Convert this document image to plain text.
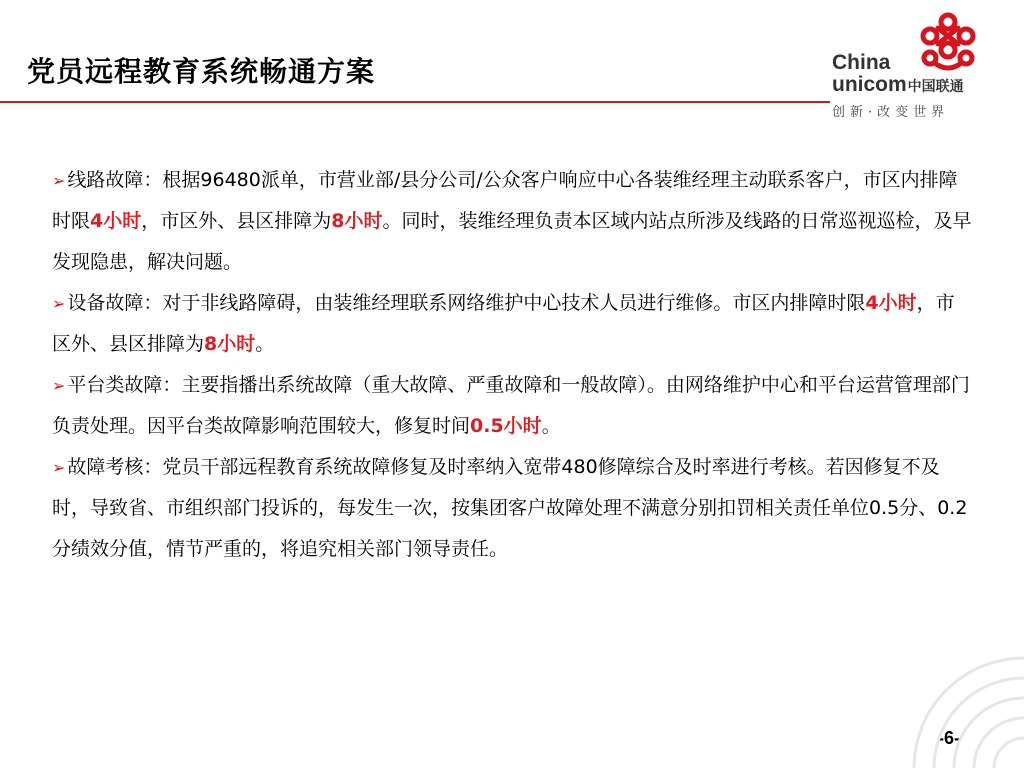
党员远程教育系统畅通方案	China
unicom中国联通
创新·改变世界

➢ 线路故障：根据96480派单，市营业部/县分公司/公众客户响应中心各装维经理主动联系客户，市区内排障时限4小时，市区外、县区排障为8小时。同时，装维经理负责本区域内站点所涉及线路的日常巡视巡检，及早发现隐患，解决问题。

➢ 设备故障：对于非线路障碍，由装维经理联系网络维护中心技术人员进行维修。市区内排障时限4小时，市区外、县区排障为8小时。

➢ 平台类故障：主要指播出系统故障（重大故障、严重故障和一般故障）。由网络维护中心和平台运营管理部门负责处理。因平台类故障影响范围较大，修复时间0.5小时。

➢ 故障考核：党员干部远程教育系统故障修复及时率纳入宽带480修障综合及时率进行考核。若因修复不及时，导致省、市组织部门投诉的，每发生一次，按集团客户故障处理不满意分别扣罚相关责任单位0.5分、0.2分绩效分值，情节严重的，将追究相关部门领导责任。

-6-
